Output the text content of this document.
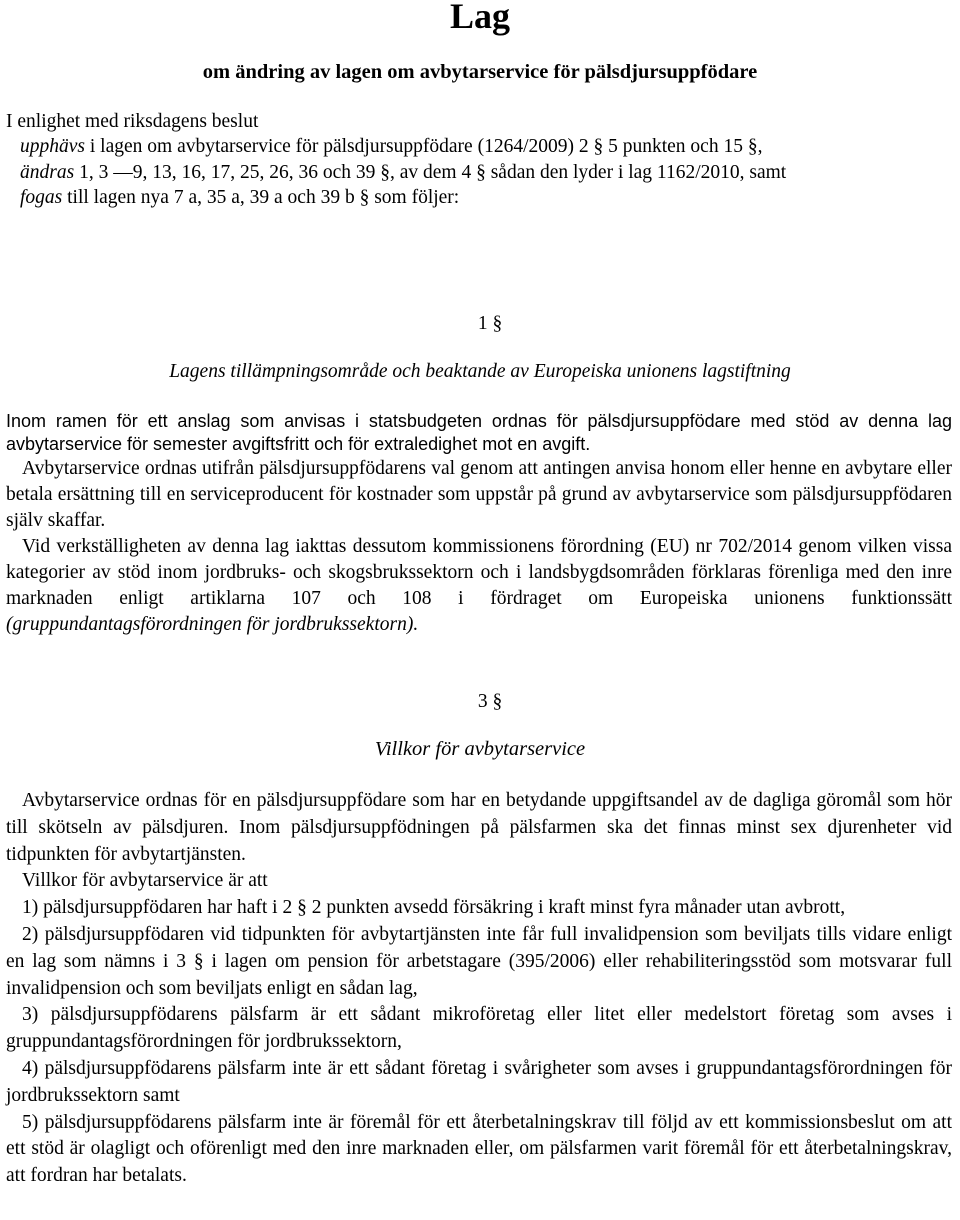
Lag
om ändring av lagen om avbytarservice för pälsdjursuppfödare

I enlighet med riksdagens beslut

upphävs i lagen om avbytarservice för pälsdjursuppfödare (1264/2009) 2 § 5 punkten och 15 §,

ändras 1, 3 —9, 13, 16, 17, 25, 26, 36 och 39 §, av dem 4 § sådan den lyder i lag 1162/2010, samt

fogas till lagen nya 7 a, 35 a, 39 a och 39 b § som följer:

1 §
Lagens tillämpningsområde och beaktande av Europeiska unionens lagstiftning

Inom ramen för ett anslag som anvisas i statsbudgeten ordnas för pälsdjursuppfödare med stöd av denna lag avbytarservice för semester avgiftsfritt och för extraledighet mot en avgift.

Avbytarservice ordnas utifrån pälsdjursuppfödarens val genom att antingen anvisa honom eller henne en avbytare eller betala ersättning till en serviceproducent för kostnader som uppstår på grund av avbytarservice som pälsdjursuppfödaren själv skaffar.

Vid verkställigheten av denna lag iakttas dessutom kommissionens förordning (EU) nr 702/2014 genom vilken vissa kategorier av stöd inom jordbruks- och skogsbrukssektorn och i landsbygdsområden förklaras förenliga med den inre marknaden enligt artiklarna 107 och 108 i fördraget om Europeiska unionens funktionssätt (gruppundantagsförordningen för jordbrukssektorn).

3 §
Villkor för avbytarservice

Avbytarservice ordnas för en pälsdjursuppfödare som har en betydande uppgiftsandel av de dagliga göromål som hör till skötseln av pälsdjuren. Inom pälsdjursuppfödningen på pälsfarmen ska det finnas minst sex djurenheter vid tidpunkten för avbytartjänsten.

Villkor för avbytarservice är att

1) pälsdjursuppfödaren har haft i 2 § 2 punkten avsedd försäkring i kraft minst fyra månader utan avbrott,

2) pälsdjursuppfödaren vid tidpunkten för avbytartjänsten inte får full invalidpension som beviljats tills vidare enligt en lag som nämns i 3 § i lagen om pension för arbetstagare (395/2006) eller rehabiliteringsstöd som motsvarar full invalidpension och som beviljats enligt en sådan lag,

3) pälsdjursuppfödarens pälsfarm är ett sådant mikroföretag eller litet eller medelstort företag som avses i gruppundantagsförordningen för jordbrukssektorn,

4) pälsdjursuppfödarens pälsfarm inte är ett sådant företag i svårigheter som avses i gruppundantagsförordningen för jordbrukssektorn samt

5) pälsdjursuppfödarens pälsfarm inte är föremål för ett återbetalningskrav till följd av ett kommissionsbeslut om att ett stöd är olagligt och oförenligt med den inre marknaden eller, om pälsfarmen varit föremål för ett återbetalningskrav, att fordran har betalats.
